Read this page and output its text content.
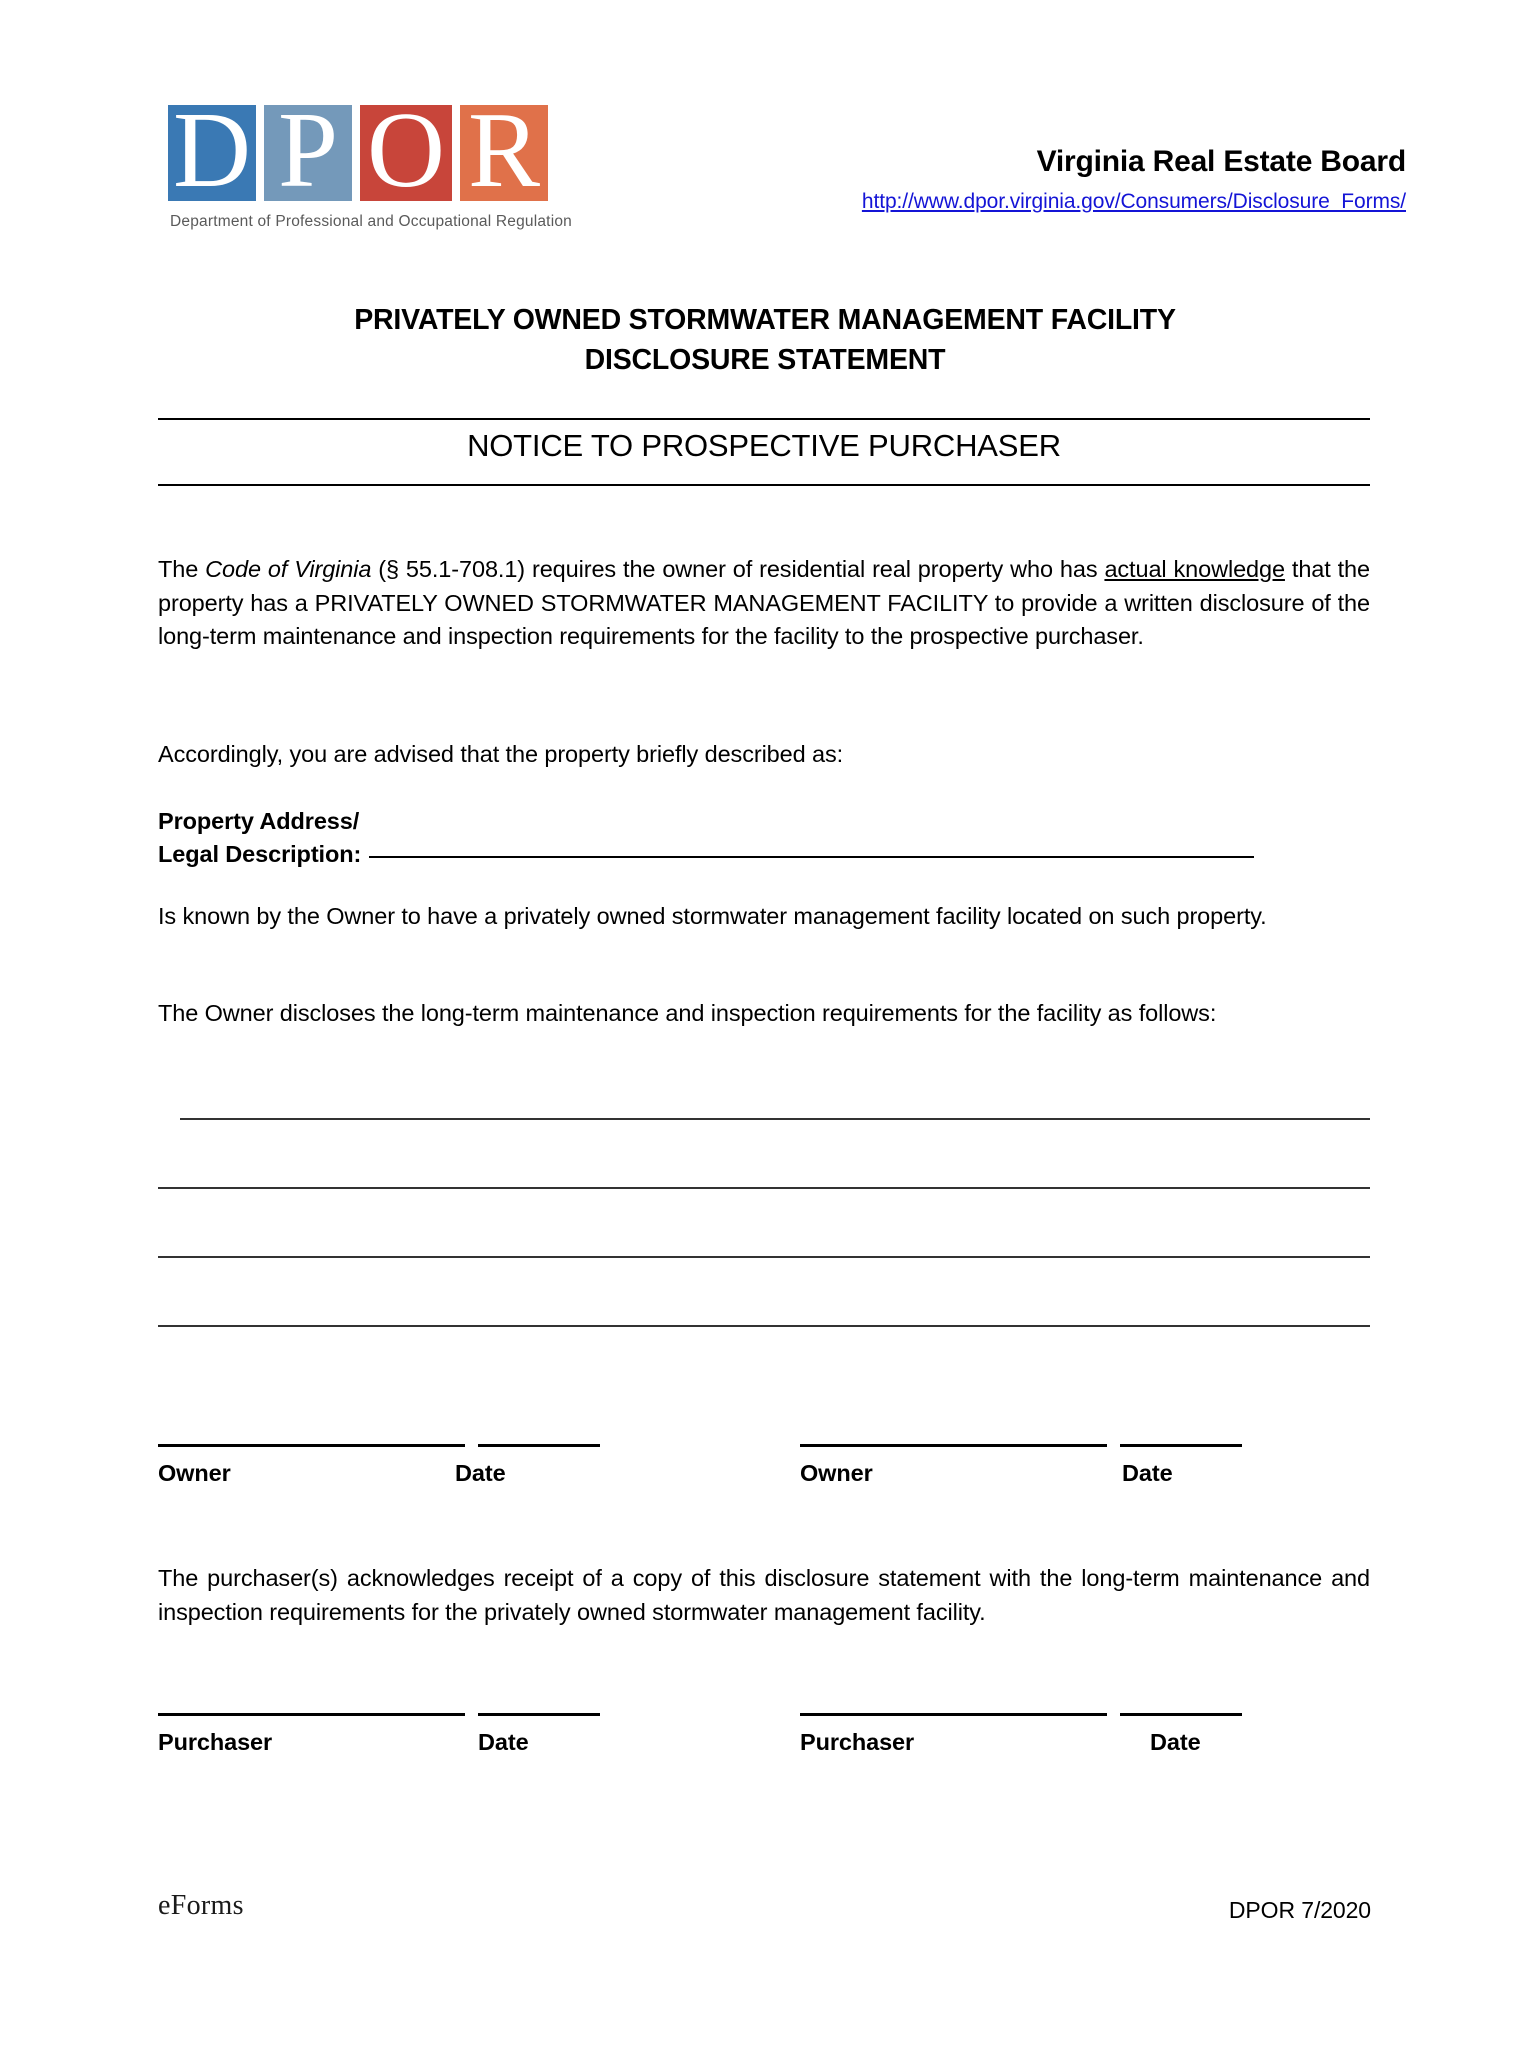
D P O R
Department of Professional and Occupational Regulation
Virginia Real Estate Board
http://www.dpor.virginia.gov/Consumers/Disclosure_Forms/
PRIVATELY OWNED STORMWATER MANAGEMENT FACILITY
DISCLOSURE STATEMENT
NOTICE TO PROSPECTIVE PURCHASER

The Code of Virginia (§ 55.1-708.1) requires the owner of residential real property who has actual knowledge that the property has a PRIVATELY OWNED STORMWATER MANAGEMENT FACILITY to provide a written disclosure of the long-term maintenance and inspection requirements for the facility to the prospective purchaser.

Accordingly, you are advised that the property briefly described as:

Property Address/
Legal Description:

Is known by the Owner to have a privately owned stormwater management facility located on such property.

The Owner discloses the long-term maintenance and inspection requirements for the facility as follows:

The purchaser(s) acknowledges receipt of a copy of this disclosure statement with the long-term maintenance and inspection requirements for the privately owned stormwater management facility.

Owner	Date	Owner	Date
Purchaser	Date	Purchaser	Date
eForms	DPOR 7/2020
